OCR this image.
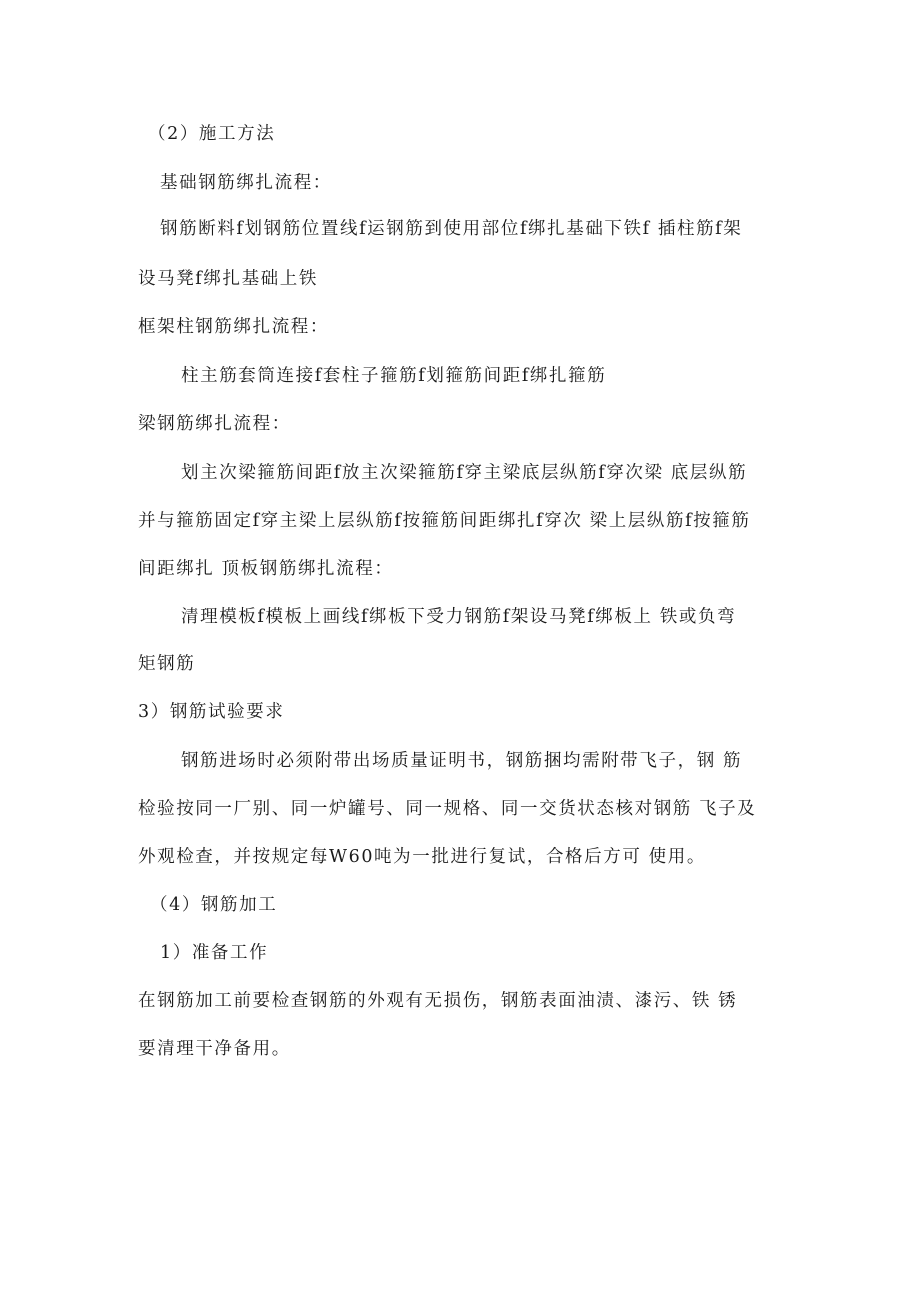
（2）施工方法
基础钢筋绑扎流程：
钢筋断料f划钢筋位置线f运钢筋到使用部位f绑扎基础下铁f 插柱筋f架
设马凳f绑扎基础上铁
框架柱钢筋绑扎流程：
柱主筋套筒连接f套柱子箍筋f划箍筋间距f绑扎箍筋
梁钢筋绑扎流程：
划主次梁箍筋间距f放主次梁箍筋f穿主梁底层纵筋f穿次梁 底层纵筋
并与箍筋固定f穿主梁上层纵筋f按箍筋间距绑扎f穿次 梁上层纵筋f按箍筋
间距绑扎 顶板钢筋绑扎流程：
清理模板f模板上画线f绑板下受力钢筋f架设马凳f绑板上 铁或负弯
矩钢筋
3）钢筋试验要求
钢筋进场时必须附带出场质量证明书，钢筋捆均需附带飞子，钢 筋
检验按同一厂别、同一炉罐号、同一规格、同一交货状态核对钢筋 飞子及
外观检查，并按规定每W60吨为一批进行复试，合格后方可 使用。
（4）钢筋加工
1）准备工作
在钢筋加工前要检查钢筋的外观有无损伤，钢筋表面油渍、漆污、铁 锈
要清理干净备用。
